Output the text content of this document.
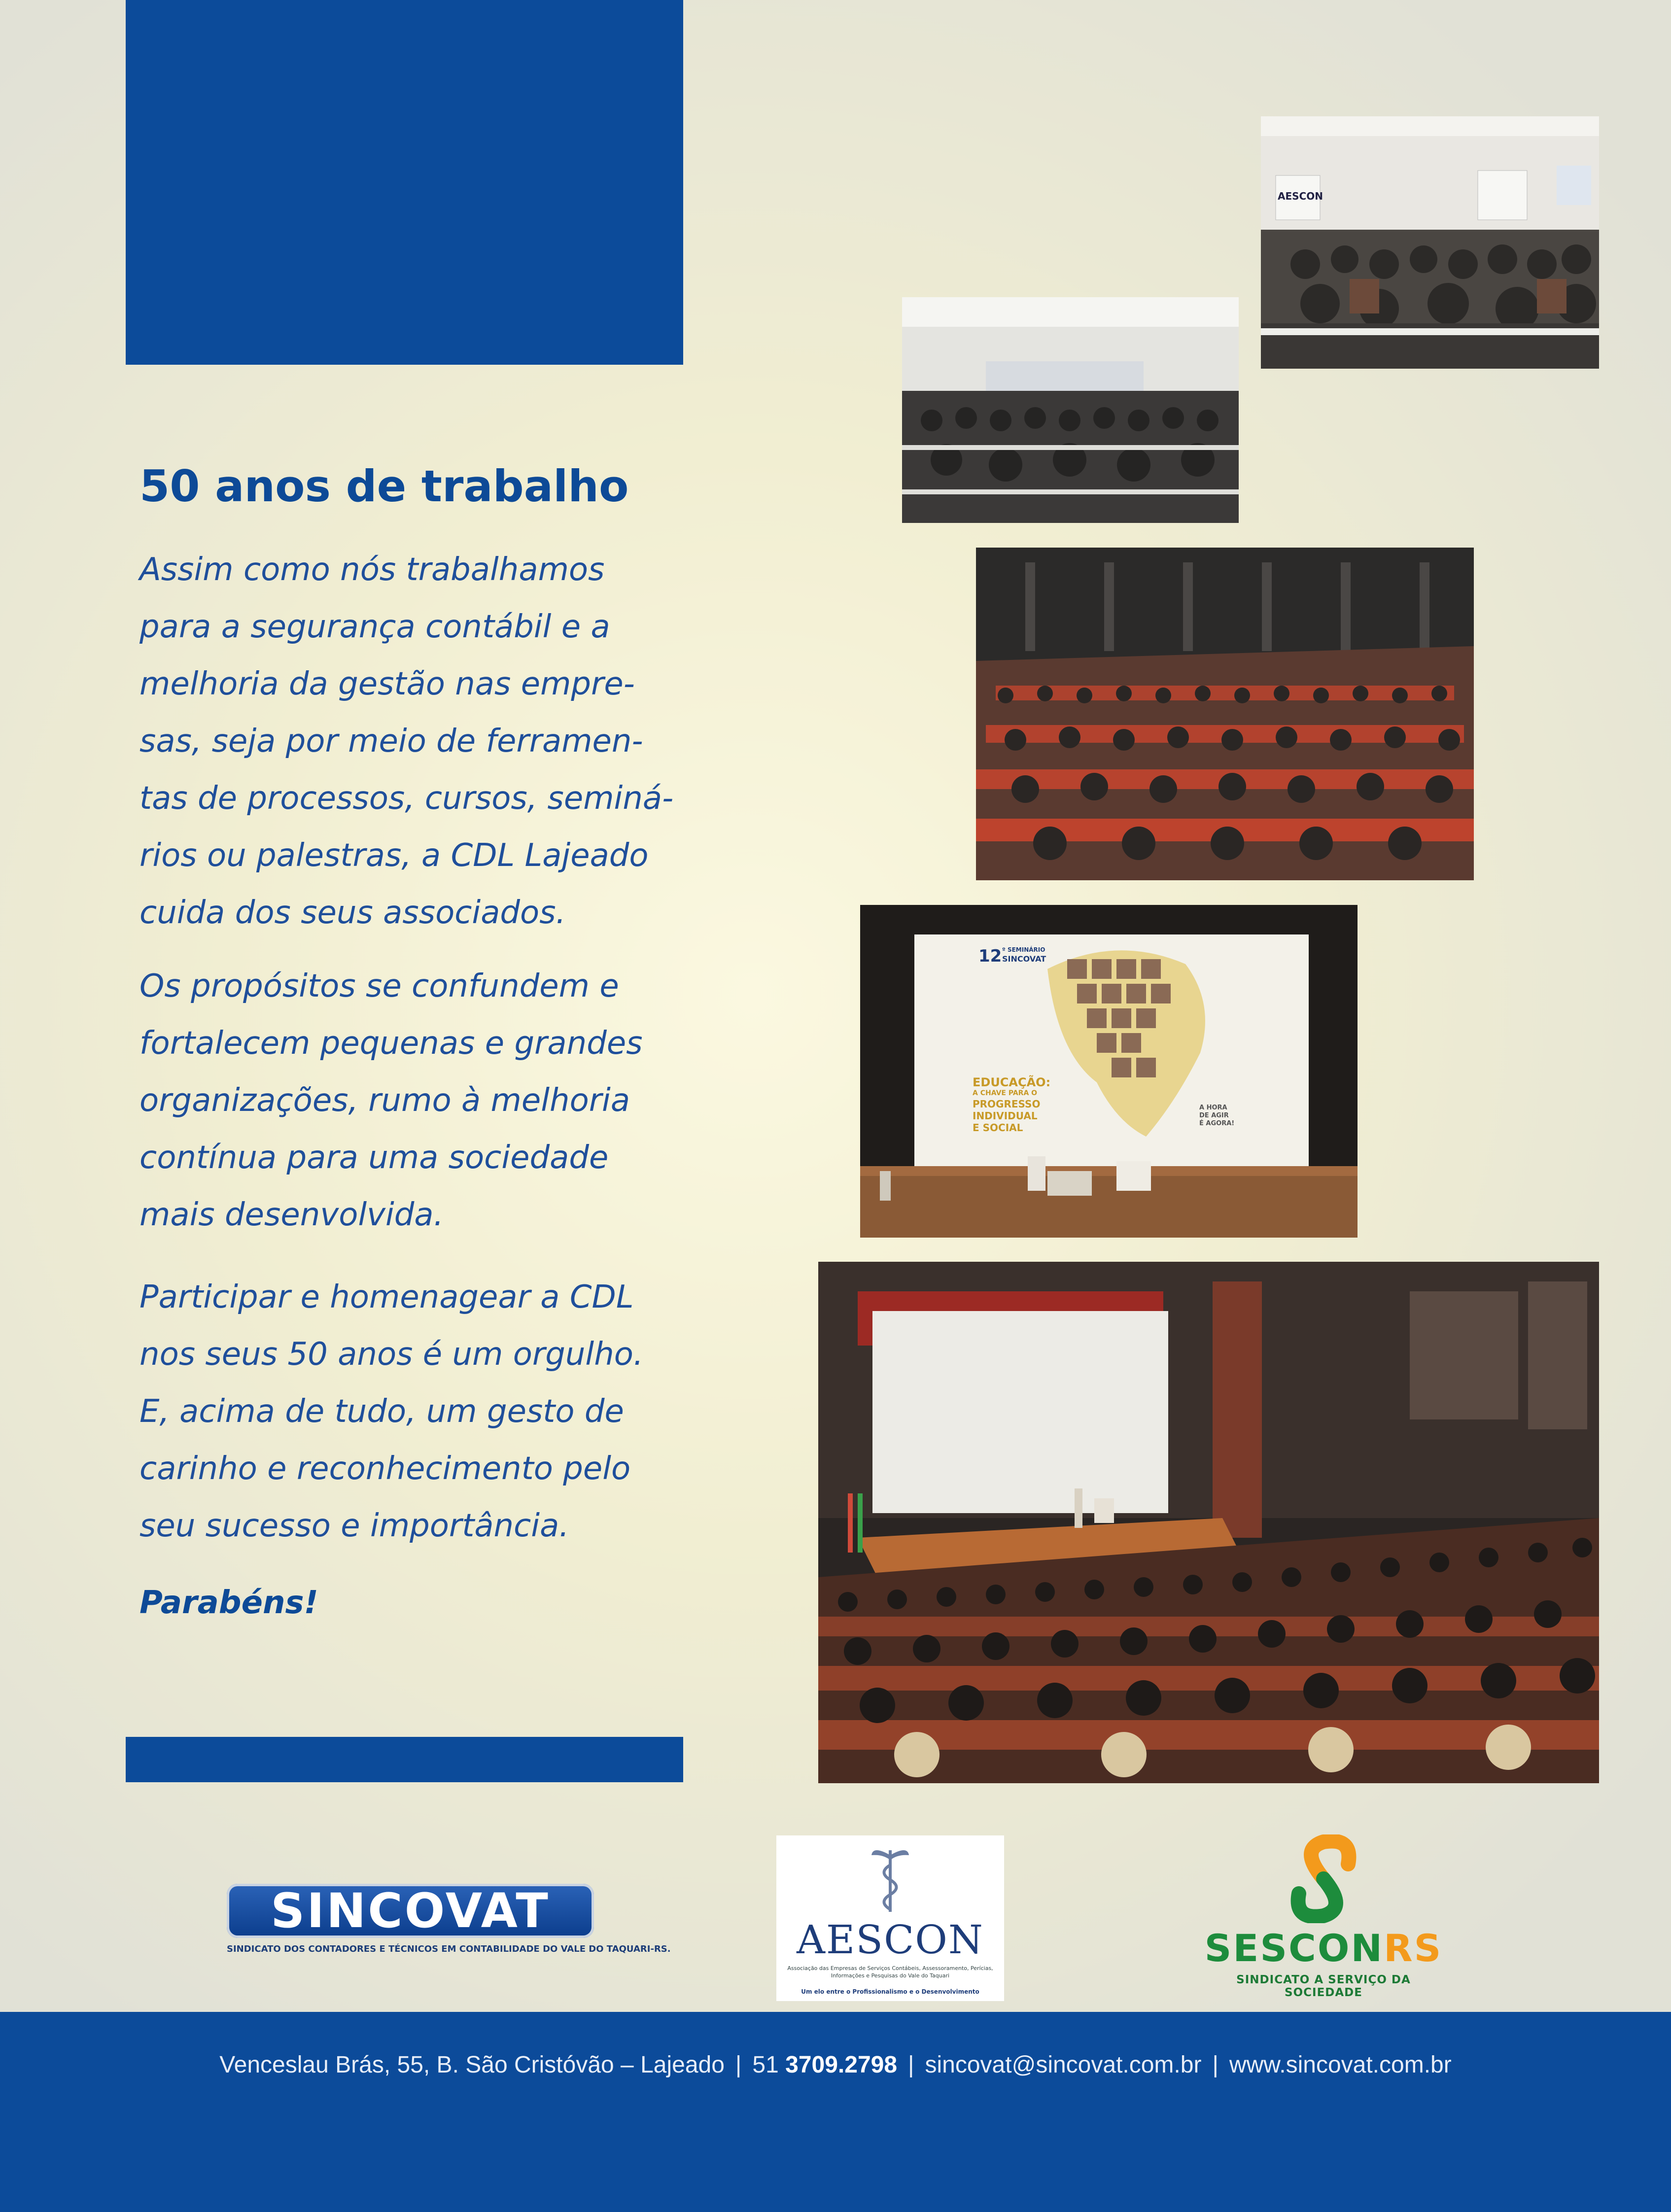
50 anos de trabalho

Assim como nós trabalhamos
para a segurança contábil e a
melhoria da gestão nas empre-
sas, seja por meio de ferramen-
tas de processos, cursos, seminá-
rios ou palestras, a CDL Lajeado
cuida dos seus associados.

Os propósitos se confundem e
fortalecem pequenas e grandes
organizações, rumo à melhoria
contínua para uma sociedade
mais desenvolvida.

Participar e homenagear a CDL
nos seus 50 anos é um orgulho.
E, acima de tudo, um gesto de
carinho e reconhecimento pelo
seu sucesso e importância.

Parabéns!

AESCON
12 º SEMINÁRIO
SINCOVAT
EDUCAÇÃO:
A CHAVE PARA O
PROGRESSO
INDIVIDUAL
E SOCIAL
A HORA
DE AGIR
É AGORA!
SINCOVAT
SINDICATO DOS CONTADORES E TÉCNICOS EM CONTABILIDADE DO VALE DO TAQUARI-RS.	AESCON
Associação das Empresas de Serviços Contábeis, Assessoramento, Perícias, Informações e Pesquisas do Vale do Taquari
Um elo entre o Profissionalismo e o Desenvolvimento
SESCONRS
SINDICATO A SERVIÇO DA SOCIEDADE
Venceslau Brás, 55, B. São Cristóvão – Lajeado | 51 3709.2798 | sincovat@sincovat.com.br | www.sincovat.com.br
